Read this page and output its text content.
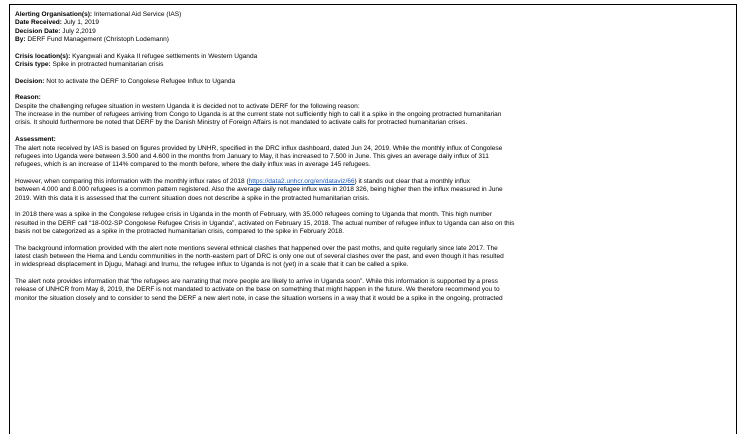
Alerting Organisation(s): International Aid Service (IAS)
Date Received: July 1, 2019
Decision Date: July 2,2019
By: DERF Fund Management (Christoph Lodemann)
Crisis location(s): Kyangwali and Kyaka II refugee settlements in Western Uganda
Crisis type: Spike in protracted humanitarian crisis
Decision: Not to activate the DERF to Congolese Refugee Influx to Uganda
Reason:
Despite the challenging refugee situation in western Uganda it is decided not to activate DERF for the following reason:
The increase in the number of refugees arriving from Congo to Uganda is at the current state not sufficiently high to call it a spike in the ongoing protracted humanitarian
crisis. It should furthermore be noted that DERF by the Danish Ministry of Foreign Affairs is not mandated to activate calls for protracted humanitarian crises.
Assessment:
The alert note received by IAS is based on figures provided by UNHR, specified in the DRC influx dashboard, dated Jun 24, 2019. While the monthly influx of Congolese
refugees into Uganda were between 3.500 and 4.600 in the months from January to May, it has increased to 7.500 in June. This gives an average daily influx of 311
refugees, which is an increase of 114% compared to the month before, where the daily influx was in average 145 refugees.
However, when comparing this information with the monthly influx rates of 2018 (https://data2.unhcr.org/en/dataviz/66) it stands out clear that a monthly influx
between 4.000 and 8.000 refugees is a common pattern registered. Also the average daily refugee influx was in 2018 326, being higher then the influx measured in June
2019. With this data it is assessed that the current situation does not describe a spike in the protracted humanitarian crisis.
In 2018 there was a spike in the Congolese refugee crisis in Uganda in the month of February, with 35.000 refugees coming to Uganda that month. This high number
resulted in the DERF call “18-002-SP Congolese Refugee Crisis in Uganda”, activated on February 15, 2018. The actual number of refugee influx to Uganda can also on this
basis not be categorized as a spike in the protracted humanitarian crisis, compared to the spike in February 2018.
The background information provided with the alert note mentions several ethnical clashes that happened over the past moths, and quite regularly since late 2017. The
latest clash between the Hema and Lendu communities in the north-eastern part of DRC is only one out of several clashes over the past, and even though it has resulted
in widespread displacement in Djugu, Mahagi and Irumu, the refugee influx to Uganda is not (yet) in a scale that it can be called a spike.
The alert note provides information that “the refugees are narrating that more people are likely to arrive in Uganda soon”. While this information is supported by a press
release of UNHCR from May 8, 2019, the DERF is not mandated to activate on the base on something that might happen in the future. We therefore recommend you to
monitor the situation closely and to consider to send the DERF a new alert note, in case the situation worsens in a way that it would be a spike in the ongoing, protracted
